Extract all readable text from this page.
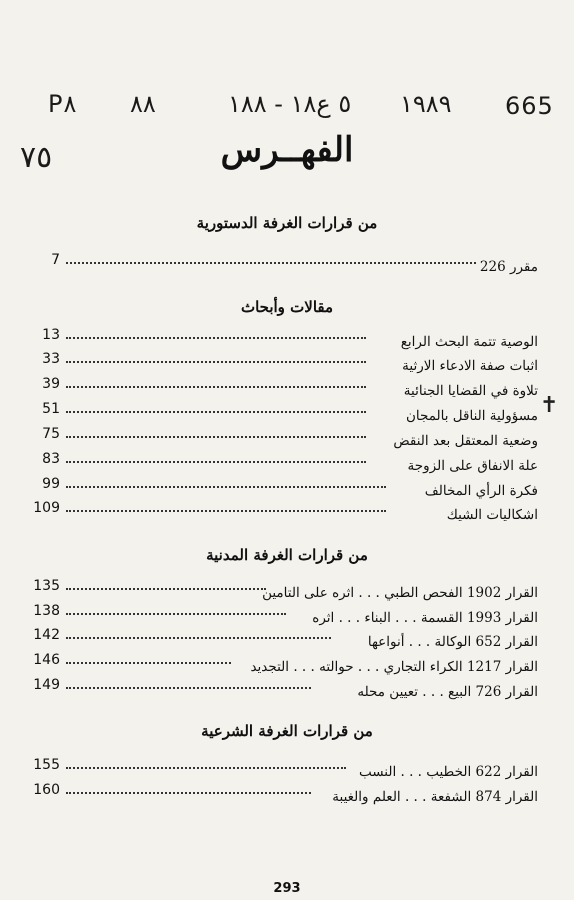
P۸ ۸٨	۱۸۸ - ۱۸٥ ع ۱۹۸۹ 665
٧٥	الفهــرس
من قرارات الغرفة الدستورية
7	مقرر 226
مقالات وأبحاث
13	الوصية تتمة البحث الرابع
33	اثبات صفة الادعاء الارثية
39	تلاوة في القضايا الجنائية
51	مسؤولية الناقل بالمجان
75	وضعية المعتقل بعد النقض
83	علة الانفاق على الزوجة
99	فكرة الرأي المخالف
109	اشكاليات الشيك
من قرارات الغرفة المدنية
135	القرار 1902 الفحص الطبي . . . اثره على التامين
138	القرار 1993 القسمة . . . البناء . . . اثره
142	القرار 652 الوكالة . . . أنواعها
146	القرار 1217 الكراء التجاري . . . حوالته . . . التجديد
149	القرار 726 البيع . . . تعيين محله
من قرارات الغرفة الشرعية
155	القرار 622 الخطيب . . . النسب
160	القرار 874 الشفعة . . . العلم والغيبة
✝
293
